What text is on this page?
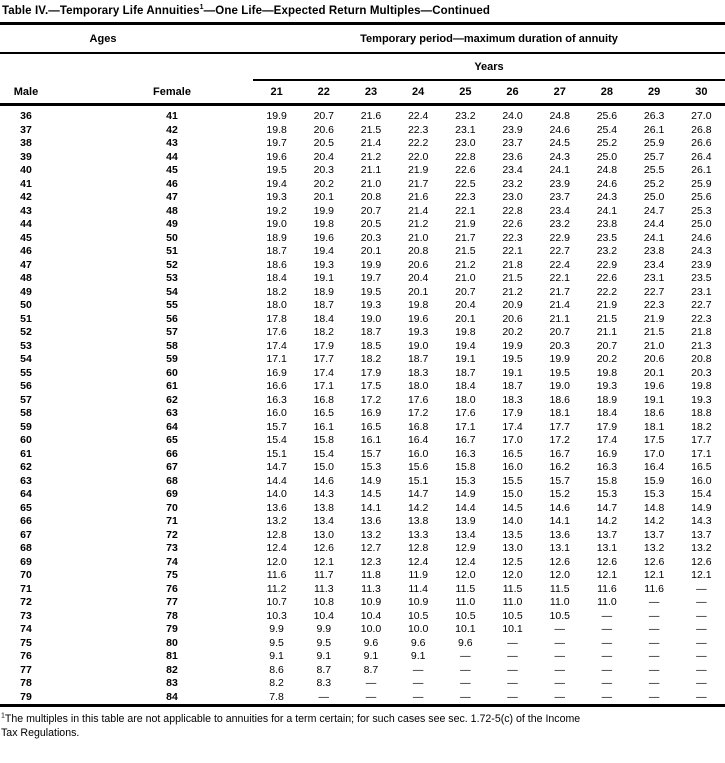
Table IV.—Temporary Life Annuities$^1$—One Life—Expected Return Multiples—Continued
Ages		Temporary period—maximum duration of annuity									
		Years									
Male	Female	21	22	23	24	25	26	27	28	29	30
36	41	19.9	20.7	21.6	22.4	23.2	24.0	24.8	25.6	26.3	27.0
37	42	19.8	20.6	21.5	22.3	23.1	23.9	24.6	25.4	26.1	26.8
38	43	19.7	20.5	21.4	22.2	23.0	23.7	24.5	25.2	25.9	26.6
39	44	19.6	20.4	21.2	22.0	22.8	23.6	24.3	25.0	25.7	26.4
40	45	19.5	20.3	21.1	21.9	22.6	23.4	24.1	24.8	25.5	26.1
41	46	19.4	20.2	21.0	21.7	22.5	23.2	23.9	24.6	25.2	25.9
42	47	19.3	20.1	20.8	21.6	22.3	23.0	23.7	24.3	25.0	25.6
43	48	19.2	19.9	20.7	21.4	22.1	22.8	23.4	24.1	24.7	25.3
44	49	19.0	19.8	20.5	21.2	21.9	22.6	23.2	23.8	24.4	25.0
45	50	18.9	19.6	20.3	21.0	21.7	22.3	22.9	23.5	24.1	24.6
46	51	18.7	19.4	20.1	20.8	21.5	22.1	22.7	23.2	23.8	24.3
47	52	18.6	19.3	19.9	20.6	21.2	21.8	22.4	22.9	23.4	23.9
48	53	18.4	19.1	19.7	20.4	21.0	21.5	22.1	22.6	23.1	23.5
49	54	18.2	18.9	19.5	20.1	20.7	21.2	21.7	22.2	22.7	23.1
50	55	18.0	18.7	19.3	19.8	20.4	20.9	21.4	21.9	22.3	22.7
51	56	17.8	18.4	19.0	19.6	20.1	20.6	21.1	21.5	21.9	22.3
52	57	17.6	18.2	18.7	19.3	19.8	20.2	20.7	21.1	21.5	21.8
53	58	17.4	17.9	18.5	19.0	19.4	19.9	20.3	20.7	21.0	21.3
54	59	17.1	17.7	18.2	18.7	19.1	19.5	19.9	20.2	20.6	20.8
55	60	16.9	17.4	17.9	18.3	18.7	19.1	19.5	19.8	20.1	20.3
56	61	16.6	17.1	17.5	18.0	18.4	18.7	19.0	19.3	19.6	19.8
57	62	16.3	16.8	17.2	17.6	18.0	18.3	18.6	18.9	19.1	19.3
58	63	16.0	16.5	16.9	17.2	17.6	17.9	18.1	18.4	18.6	18.8
59	64	15.7	16.1	16.5	16.8	17.1	17.4	17.7	17.9	18.1	18.2
60	65	15.4	15.8	16.1	16.4	16.7	17.0	17.2	17.4	17.5	17.7
61	66	15.1	15.4	15.7	16.0	16.3	16.5	16.7	16.9	17.0	17.1
62	67	14.7	15.0	15.3	15.6	15.8	16.0	16.2	16.3	16.4	16.5
63	68	14.4	14.6	14.9	15.1	15.3	15.5	15.7	15.8	15.9	16.0
64	69	14.0	14.3	14.5	14.7	14.9	15.0	15.2	15.3	15.3	15.4
65	70	13.6	13.8	14.1	14.2	14.4	14.5	14.6	14.7	14.8	14.9
66	71	13.2	13.4	13.6	13.8	13.9	14.0	14.1	14.2	14.2	14.3
67	72	12.8	13.0	13.2	13.3	13.4	13.5	13.6	13.7	13.7	13.7
68	73	12.4	12.6	12.7	12.8	12.9	13.0	13.1	13.1	13.2	13.2
69	74	12.0	12.1	12.3	12.4	12.4	12.5	12.6	12.6	12.6	12.6
70	75	11.6	11.7	11.8	11.9	12.0	12.0	12.0	12.1	12.1	12.1
71	76	11.2	11.3	11.3	11.4	11.5	11.5	11.5	11.6	11.6	—
72	77	10.7	10.8	10.9	10.9	11.0	11.0	11.0	11.0	—	—
73	78	10.3	10.4	10.4	10.5	10.5	10.5	10.5	—	—	—
74	79	9.9	9.9	10.0	10.0	10.1	10.1	—	—	—	—
75	80	9.5	9.5	9.6	9.6	9.6	—	—	—	—	—
76	81	9.1	9.1	9.1	9.1	—	—	—	—	—	—
77	82	8.6	8.7	8.7	—	—	—	—	—	—	—
78	83	8.2	8.3	—	—	—	—	—	—	—	—
79	84	7.8	—	—	—	—	—	—	—	—	—
$^1$The multiples in this table are not applicable to annuities for a term certain; for such cases see sec. 1.72-5(c) of the Income
Tax Regulations.
